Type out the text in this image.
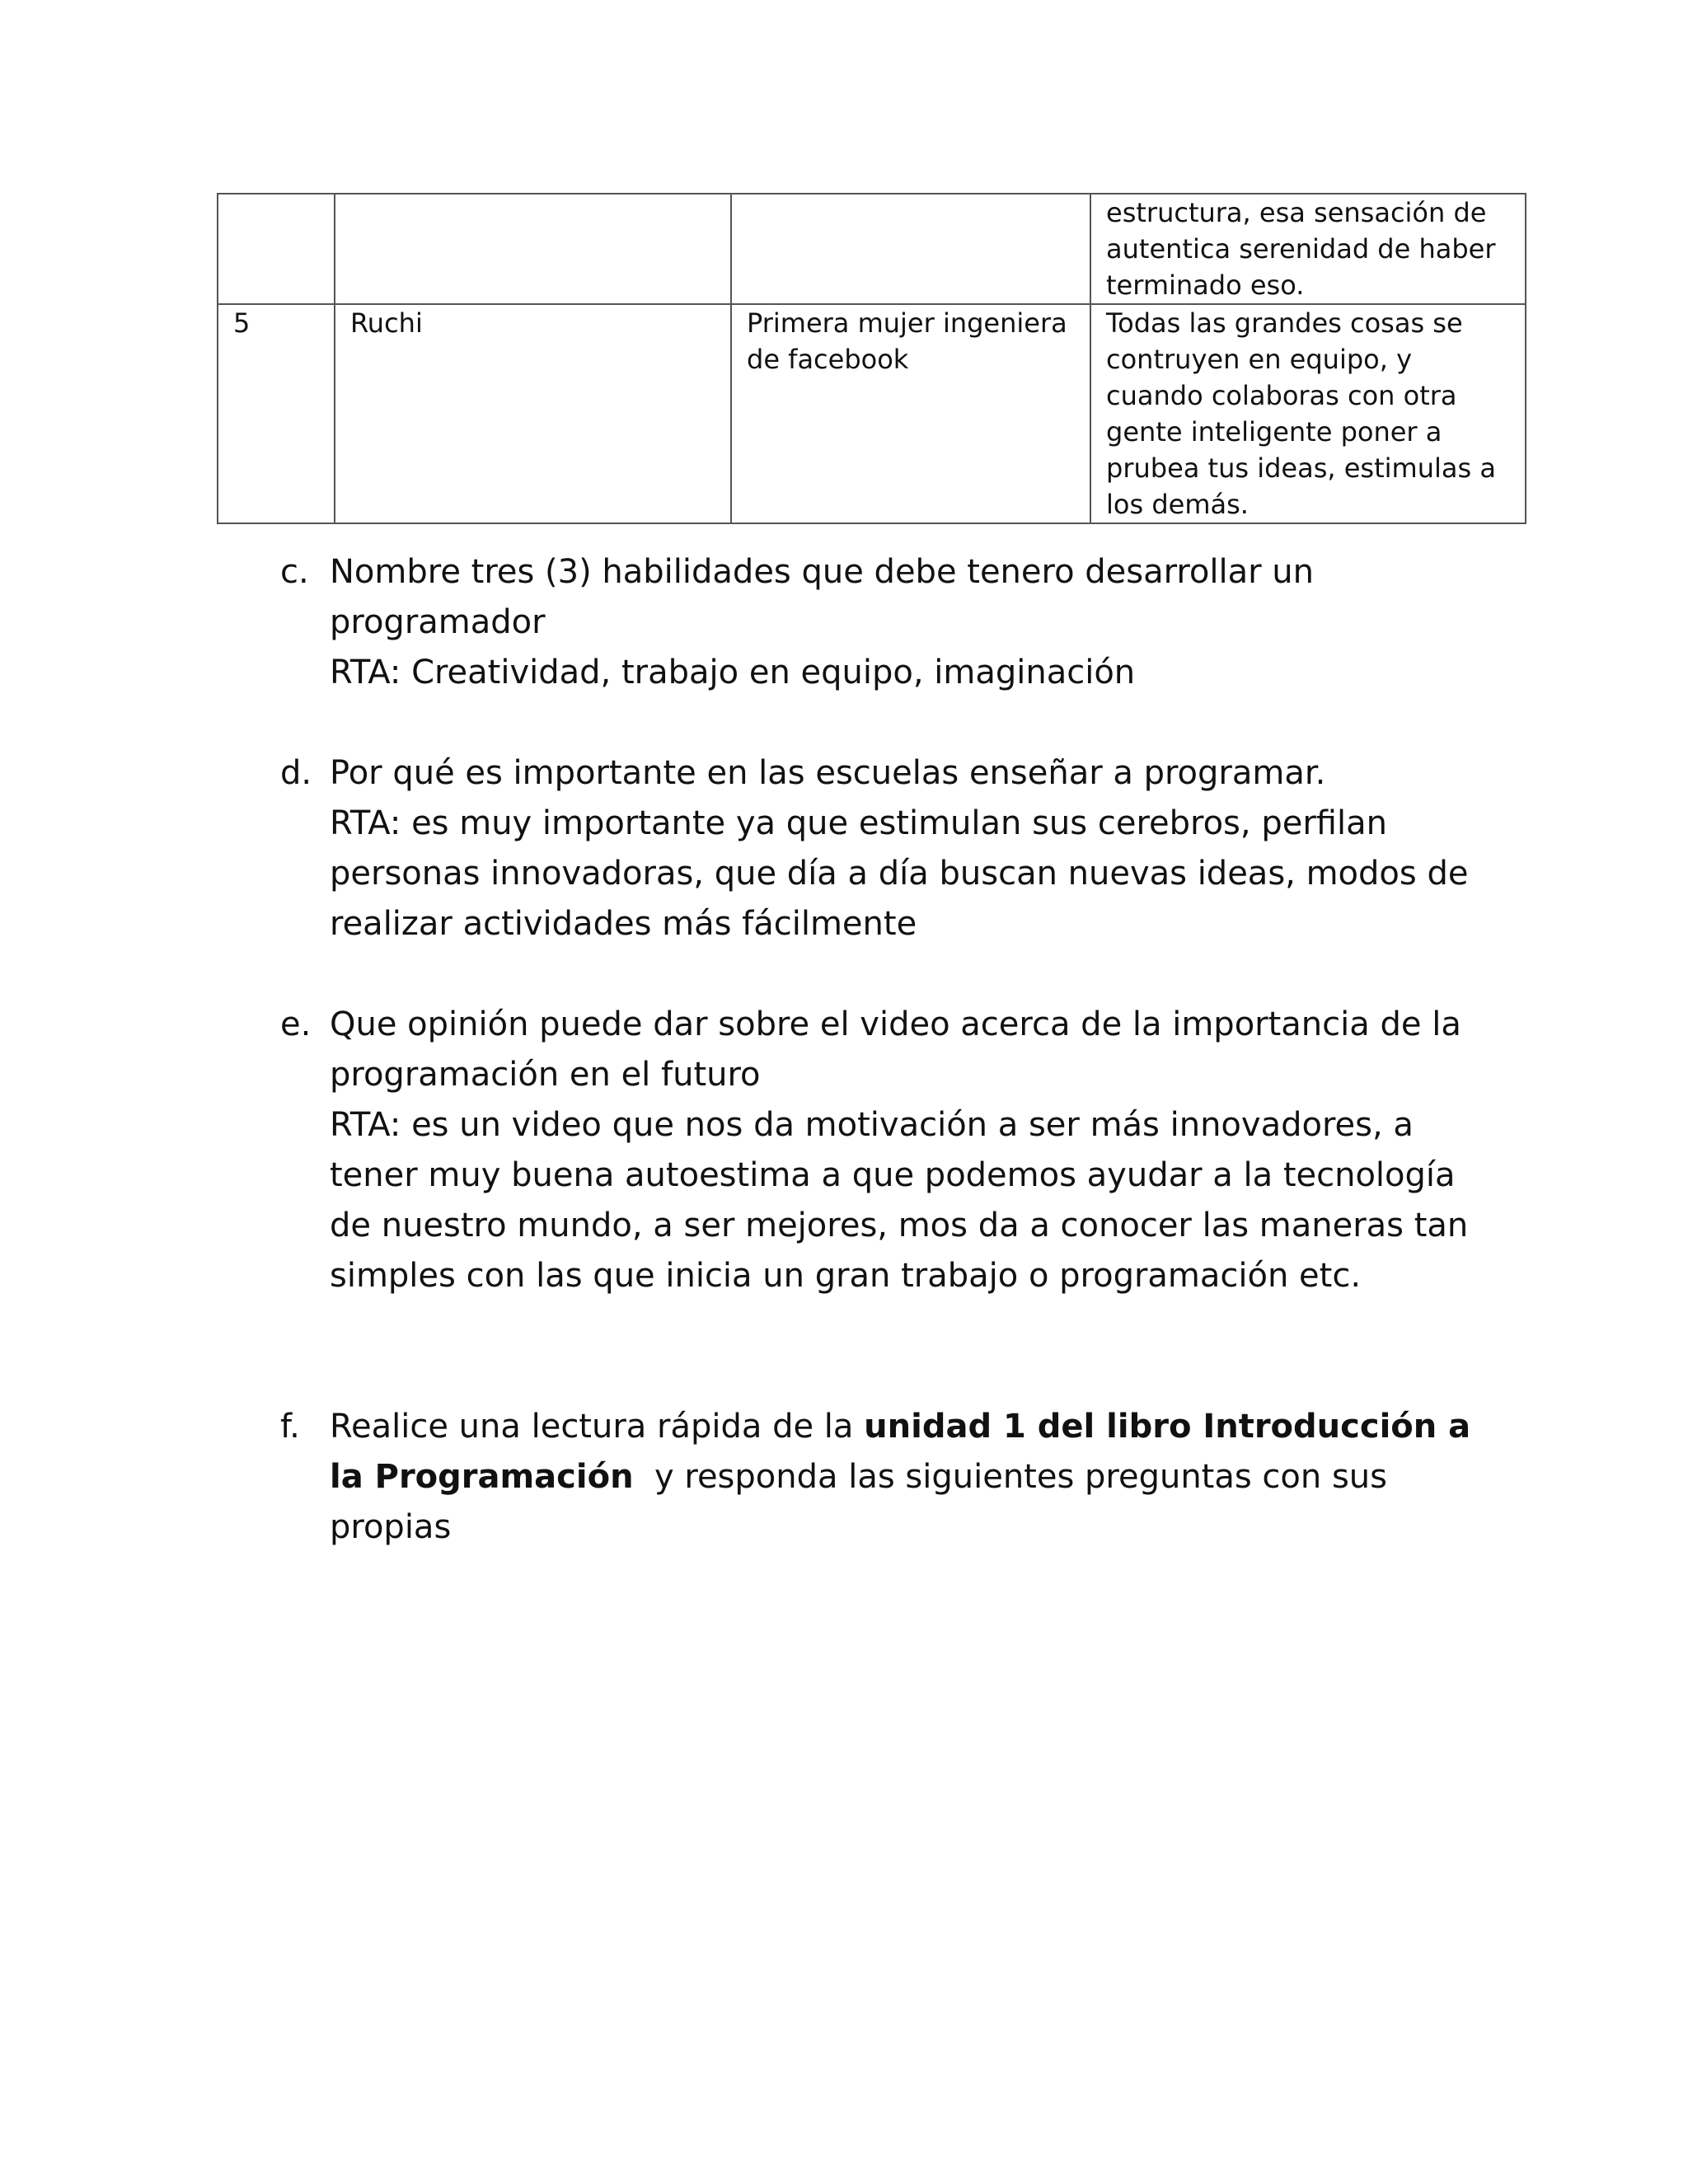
			estructura, esa sensación de autentica serenidad de haber terminado eso.
5	Ruchi	Primera mujer ingeniera de facebook	Todas las grandes cosas se contruyen en equipo, y cuando colaboras con otra gente inteligente poner a prubea tus ideas, estimulas a los demás.
c. Nombre tres (3) habilidades que debe tenero desarrollar un programador
RTA: Creatividad, trabajo en equipo, imaginación
d. Por qué es importante en las escuelas enseñar a programar.
RTA: es muy importante ya que estimulan sus cerebros, perfilan personas innovadoras, que día a día buscan nuevas ideas, modos de realizar actividades más fácilmente
e. Que opinión puede dar sobre el video acerca de la importancia de la programación en el futuro
RTA: es un video que nos da motivación a ser más innovadores, a tener muy buena autoestima a que podemos ayudar a la tecnología de nuestro mundo, a ser mejores, mos da a conocer las maneras tan simples con las que inicia un gran trabajo o programación etc.
f. Realice una lectura rápida de la unidad 1 del libro Introducción a la Programación  y responda las siguientes preguntas con sus propias
